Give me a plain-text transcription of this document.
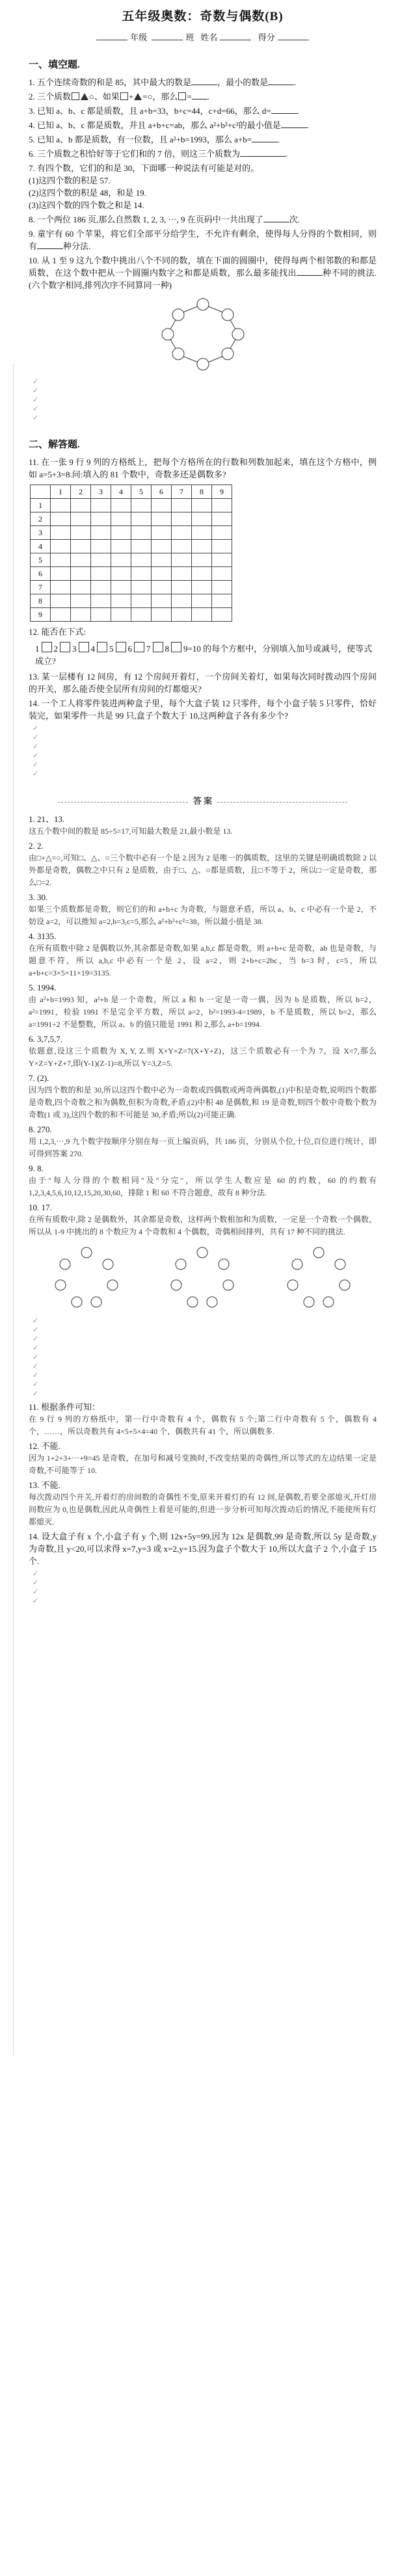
五年级奥数：奇数与偶数(B)
年级	班 姓名	得分
一、填空题.
1. 五个连续奇数的和是 85，其中最大的数是	，最小的数是	.
2. 三个质数 ○、如果 + =○，那么 = .
3. 已知 a、b、c 都是质数，且 a+b=33，b+c=44，c+d=66，那么 d=	.
4. 已知 a、b、c 都是质数，并且 a+b+c=ab，那么 a²+b²+c²的最小值是	.
5. 已知 a、b 都是质数，有一位数，且 a²+b=1993，那么 a+b=	.
6. 三个质数之积恰好等于它们和的 7 倍，则这三个质数为	.
7. 有四个数，它们的和是 30，下面哪一种说法有可能是对的。
(1)这四个数的积是 57.
(2)这四个数的积是 48，和是 19.
(3)这四个数的四个数之和是 14.
8. 一个两位 186 页,那么自然数 1, 2, 3, ⋯, 9 在页码中一共出现了	次.
9. 童宇有 60 个苹果，将它们全部平分给学生，不允许有剩余，使得每人分得的个数相同，则有	种分法.
10. 从 1 至 9 这九个数中挑出八个不同的数，填在下面的圆圈中，使得每两个相邻数的和都是质数，在这个数中把从一个圆圈内数字之和都是质数，那么最多能找出	种不同的挑法.(六个数字相同,排列次序不同算同一种)
✓
✓
✓
✓
✓
二、解答题.
11. 在一张 9 行 9 列的方格纸上，把每个方格所在的行数和列数加起来，填在这个方格中，例如 a=5+3=8.问:填入的 81 个数中，奇数多还是偶数多?
	1	2	3	4	5	6	7	8	9
1									
2									
3									
4									
5									
6									
7									
8									
9									
12. 能否在下式:
1 2 3 4 5 6 7 8 9=10 的每个方框中，分别填入加号或减号，使等式成立?
13. 某一层楼有 12 间房，有 12 个房间开着灯，一个房间关着灯，如果每次同时拨动四个房间的开关，那么能否使全层所有房间的灯都熄灭?
14. 一个工人将零件装进两种盒子里，每个大盒子装 12 只零件，每个小盒子装 5 只零件，恰好装完，如果零件一共是 99 只,盒子个数大于 10,这两种盒子各有多少个?
✓
✓
✓
✓
✓
✓
答 案
1. 21、13.
这五个数中间的数是 85÷5=17,可知最大数是 21,最小数是 13.
2. 2.
由□+△=○,可知□、△、○三个数中必有一个是 2.因为 2 是唯一的偶质数，这里的关键是明确质数除 2 以外都是奇数，偶数之中只有 2 是质数，由于□、△、○都是质数，且□不等于 2，所以□一定是奇数，那么□=2.
3. 30.
如果三个质数都是奇数，则它们的和 a+b+c 为奇数，与题意矛盾，所以 a、b、c 中必有一个是 2，不妨设 a=2，可以推知 a=2,b=3,c=5,那么 a²+b²+c²=38，所以最小值是 38.
4. 3135.
在所有质数中除 2 是偶数以外,其余都是奇数,如果 a,b,c 都是奇数，则 a+b+c 是奇数，ab 也是奇数，与题意不符，所以 a,b,c 中必有一个是 2，设 a=2，则 2+b+c=2bc，当 b=3 时，c=5，所以 a+b+c=3×5×11×19=3135.
5. 1994.
由 a²+b=1993 知，a²+b 是一个奇数，所以 a 和 b 一定是一奇一偶，因为 b 是质数，所以 b=2，a²=1991，检验 1991 不是完全平方数，所以 a=2，b²=1993-4=1989，b 不是质数，所以 b=2，那么 a=1991÷2 不是整数，所以 a、b 的值只能是 1991 和 2,那么 a+b=1994.
6. 3,7,5,7.
依题意,设这三个质数为 X, Y, Z.则 X×Y×Z=7(X+Y+Z)，这三个质数必有一个为 7，设 X=7,那么 Y×Z=Y+Z+7,即(Y-1)(Z-1)=8,所以 Y=3,Z=5.
7. (2).
因为四个数的和是 30,所以这四个数中必为一奇数或四偶数或两奇两偶数,(1)中积是奇数,说明四个数都是奇数,四个奇数之和为偶数,但积为奇数,矛盾;(2)中积 48 是偶数,和 19 是奇数,则四个数中奇数个数为奇数(1 或 3),这四个数的和不可能是 30,矛盾;所以(2)可能正确.
8. 270.
用 1,2,3,⋯,9 九个数字按顺序分别在每一页上编页码，共 186 页，分别从个位,十位,百位进行统计，即可得到答案 270.
9. 8.
由于"每人分得的个数相同"及"分完"，所以学生人数应是 60 的约数，60 的约数有 1,2,3,4,5,6,10,12,15,20,30,60，排除 1 和 60 不符合题意，故有 8 种分法.
10. 17.
在所有质数中,除 2 是偶数外，其余都是奇数，这样两个数相加和为质数，一定是一个奇数一个偶数，所以从 1-9 中挑出的 8 个数应为 4 个奇数和 4 个偶数，奇偶相间排列，共有 17 种不同的挑法.
✓
✓
✓
✓
✓
✓
✓
✓
✓
11. 根据条件可知：
在 9 行 9 列的方格纸中，第一行中奇数有 4 个，偶数有 5 个;第二行中奇数有 5 个，偶数有 4 个，……，所以奇数共有 4×5+5×4=40 个，偶数共有 41 个，所以偶数多.
12. 不能.
因为 1+2+3+⋯+9=45 是奇数，在加号和减号变换时,不改变结果的奇偶性,所以等式的左边结果一定是奇数,不可能等于 10.
13. 不能.
每次拨动四个开关,开着灯的房间数的奇偶性不变,原来开着灯的有 12 间,是偶数,若要全部熄灭,开灯房间数应为 0,也是偶数,因此从奇偶性上看是可能的,但进一步分析可知每次拨动后的情况,不能使所有灯都熄灭.
14. 设大盒子有 x 个,小盒子有 y 个,则 12x+5y=99,因为 12x 是偶数,99 是奇数,所以 5y 是奇数,y 为奇数,且 y<20,可以求得 x=7,y=3 或 x=2,y=15.因为盒子个数大于 10,所以大盒子 2 个,小盒子 15 个.
✓
✓
✓
✓
